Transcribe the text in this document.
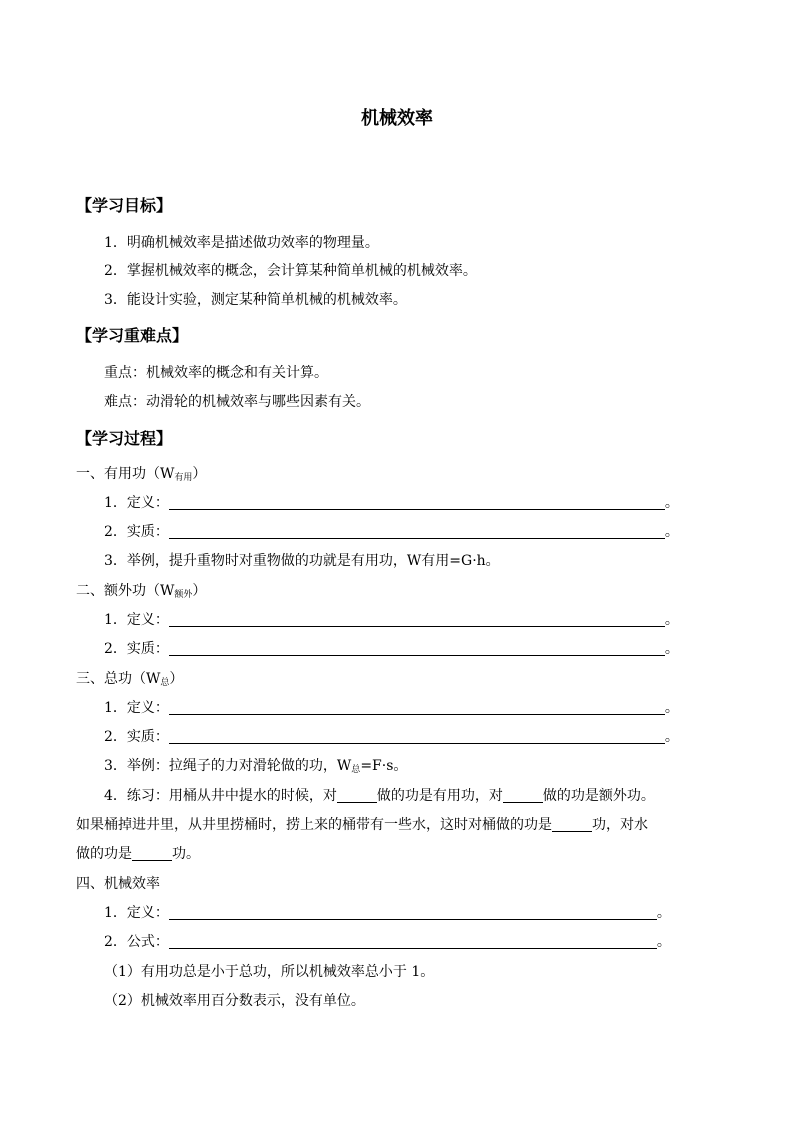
机械效率
【学习目标】
1．明确机械效率是描述做功效率的物理量。
2．掌握机械效率的概念，会计算某种简单机械的机械效率。
3．能设计实验，测定某种简单机械的机械效率。
【学习重难点】
重点：机械效率的概念和有关计算。
难点：动滑轮的机械效率与哪些因素有关。
【学习过程】
一、有用功$(W_{有用})$
1．定义：	。
2．实质：	。
3．举例，提升重物时对重物做的功就是有用功，W有用=G·h。
二、额外功$(W_{额外})$
1．定义：	。
2．实质：	。
三、总功$(W_总)$
1．定义：	。
2．实质：	。
3．举例：拉绳子的力对滑轮做的功，$W_总=F\cdot s$。
4．练习：用桶从井中提水的时候，对	做的功是有用功，对	做的功是额外功。
如果桶掉进井里，从井里捞桶时，捞上来的桶带有一些水，这时对桶做的功是	功，对水
做的功是	功。
四、机械效率
1．定义：	。
2．公式：	。
（1）有用功总是小于总功，所以机械效率总小于 1。
（2）机械效率用百分数表示，没有单位。
